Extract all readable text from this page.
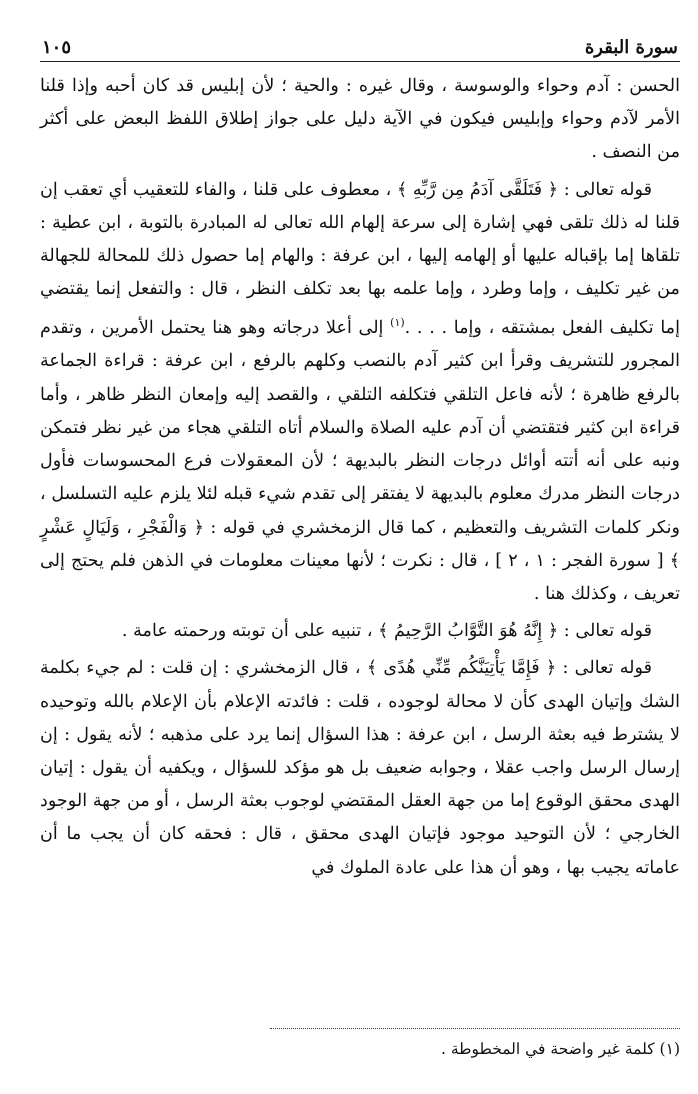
سورة البقرة
١٠٥

الحسن : آدم وحواء والوسوسة ، وقال غيره : والحية ؛ لأن إبليس قد كان أحبه وإذا قلنا الأمر لآدم وحواء وإبليس فيكون في الآية دليل على جواز إطلاق اللفظ البعض على أكثر من النصف .

قوله تعالى : ﴿ فَتَلَقَّى آدَمُ مِن رَّبِّهِ ﴾ ، معطوف على قلنا ، والفاء للتعقيب أي تعقب إن قلنا له ذلك تلقى فهي إشارة إلى سرعة إلهام الله تعالى له المبادرة بالتوبة ، ابن عطية : تلقاها إما بإقباله عليها أو إلهامه إليها ، ابن عرفة : والهام إما حصول ذلك للمحالة للجهالة من غير تكليف ، وإما وطرد ، وإما علمه بها بعد تكلف النظر ، قال : والتفعل إنما يقتضي إما تكليف الفعل بمشتقه ، وإما . . . .$^{(١)}$ إلى أعلا درجاته وهو هنا يحتمل الأمرين ، وتقدم المجرور للتشريف وقرأ ابن كثير آدم بالنصب وكلهم بالرفع ، ابن عرفة : قراءة الجماعة بالرفع ظاهرة ؛ لأنه فاعل التلقي فتكلفه التلقي ، والقصد إليه وإمعان النظر ظاهر ، وأما قراءة ابن كثير فتقتضي أن آدم عليه الصلاة والسلام أتاه التلقي هجاء من غير نظر فتمكن ونبه على أنه أتته أوائل درجات النظر بالبديهة ؛ لأن المعقولات فرع المحسوسات فأول درجات النظر مدرك معلوم بالبديهة لا يفتقر إلى تقدم شيء قبله لئلا يلزم عليه التسلسل ، ونكر كلمات التشريف والتعظيم ، كما قال الزمخشري في قوله : ﴿ وَالْفَجْرِ ، وَلَيَالٍ عَشْرٍ ﴾ [ سورة الفجر : ١ ، ٢ ] ، قال : نكرت ؛ لأنها معينات معلومات في الذهن فلم يحتج إلى تعريف ، وكذلك هنا .

قوله تعالى : ﴿ إِنَّهُ هُوَ التَّوَّابُ الرَّحِيمُ ﴾ ، تنبيه على أن توبته ورحمته عامة .

قوله تعالى : ﴿ فَإِمَّا يَأْتِيَنَّكُم مِّنِّي هُدًى ﴾ ، قال الزمخشري : إن قلت : لم جيء بكلمة الشك وإتيان الهدى كأن لا محالة لوجوده ، قلت : فائدته الإعلام بأن الإعلام بالله وتوحيده لا يشترط فيه بعثة الرسل ، ابن عرفة : هذا السؤال إنما يرد على مذهبه ؛ لأنه يقول : إن إرسال الرسل واجب عقلا ، وجوابه ضعيف بل هو مؤكد للسؤال ، ويكفيه أن يقول : إتيان الهدى محقق الوقوع إما من جهة العقل المقتضي لوجوب بعثة الرسل ، أو من جهة الوجود الخارجي ؛ لأن التوحيد موجود فإتيان الهدى محقق ، قال : فحقه كان أن يجب ما أن عاماته يجيب بها ، وهو أن هذا على عادة الملوك في

(١) كلمة غير واضحة في المخطوطة .
